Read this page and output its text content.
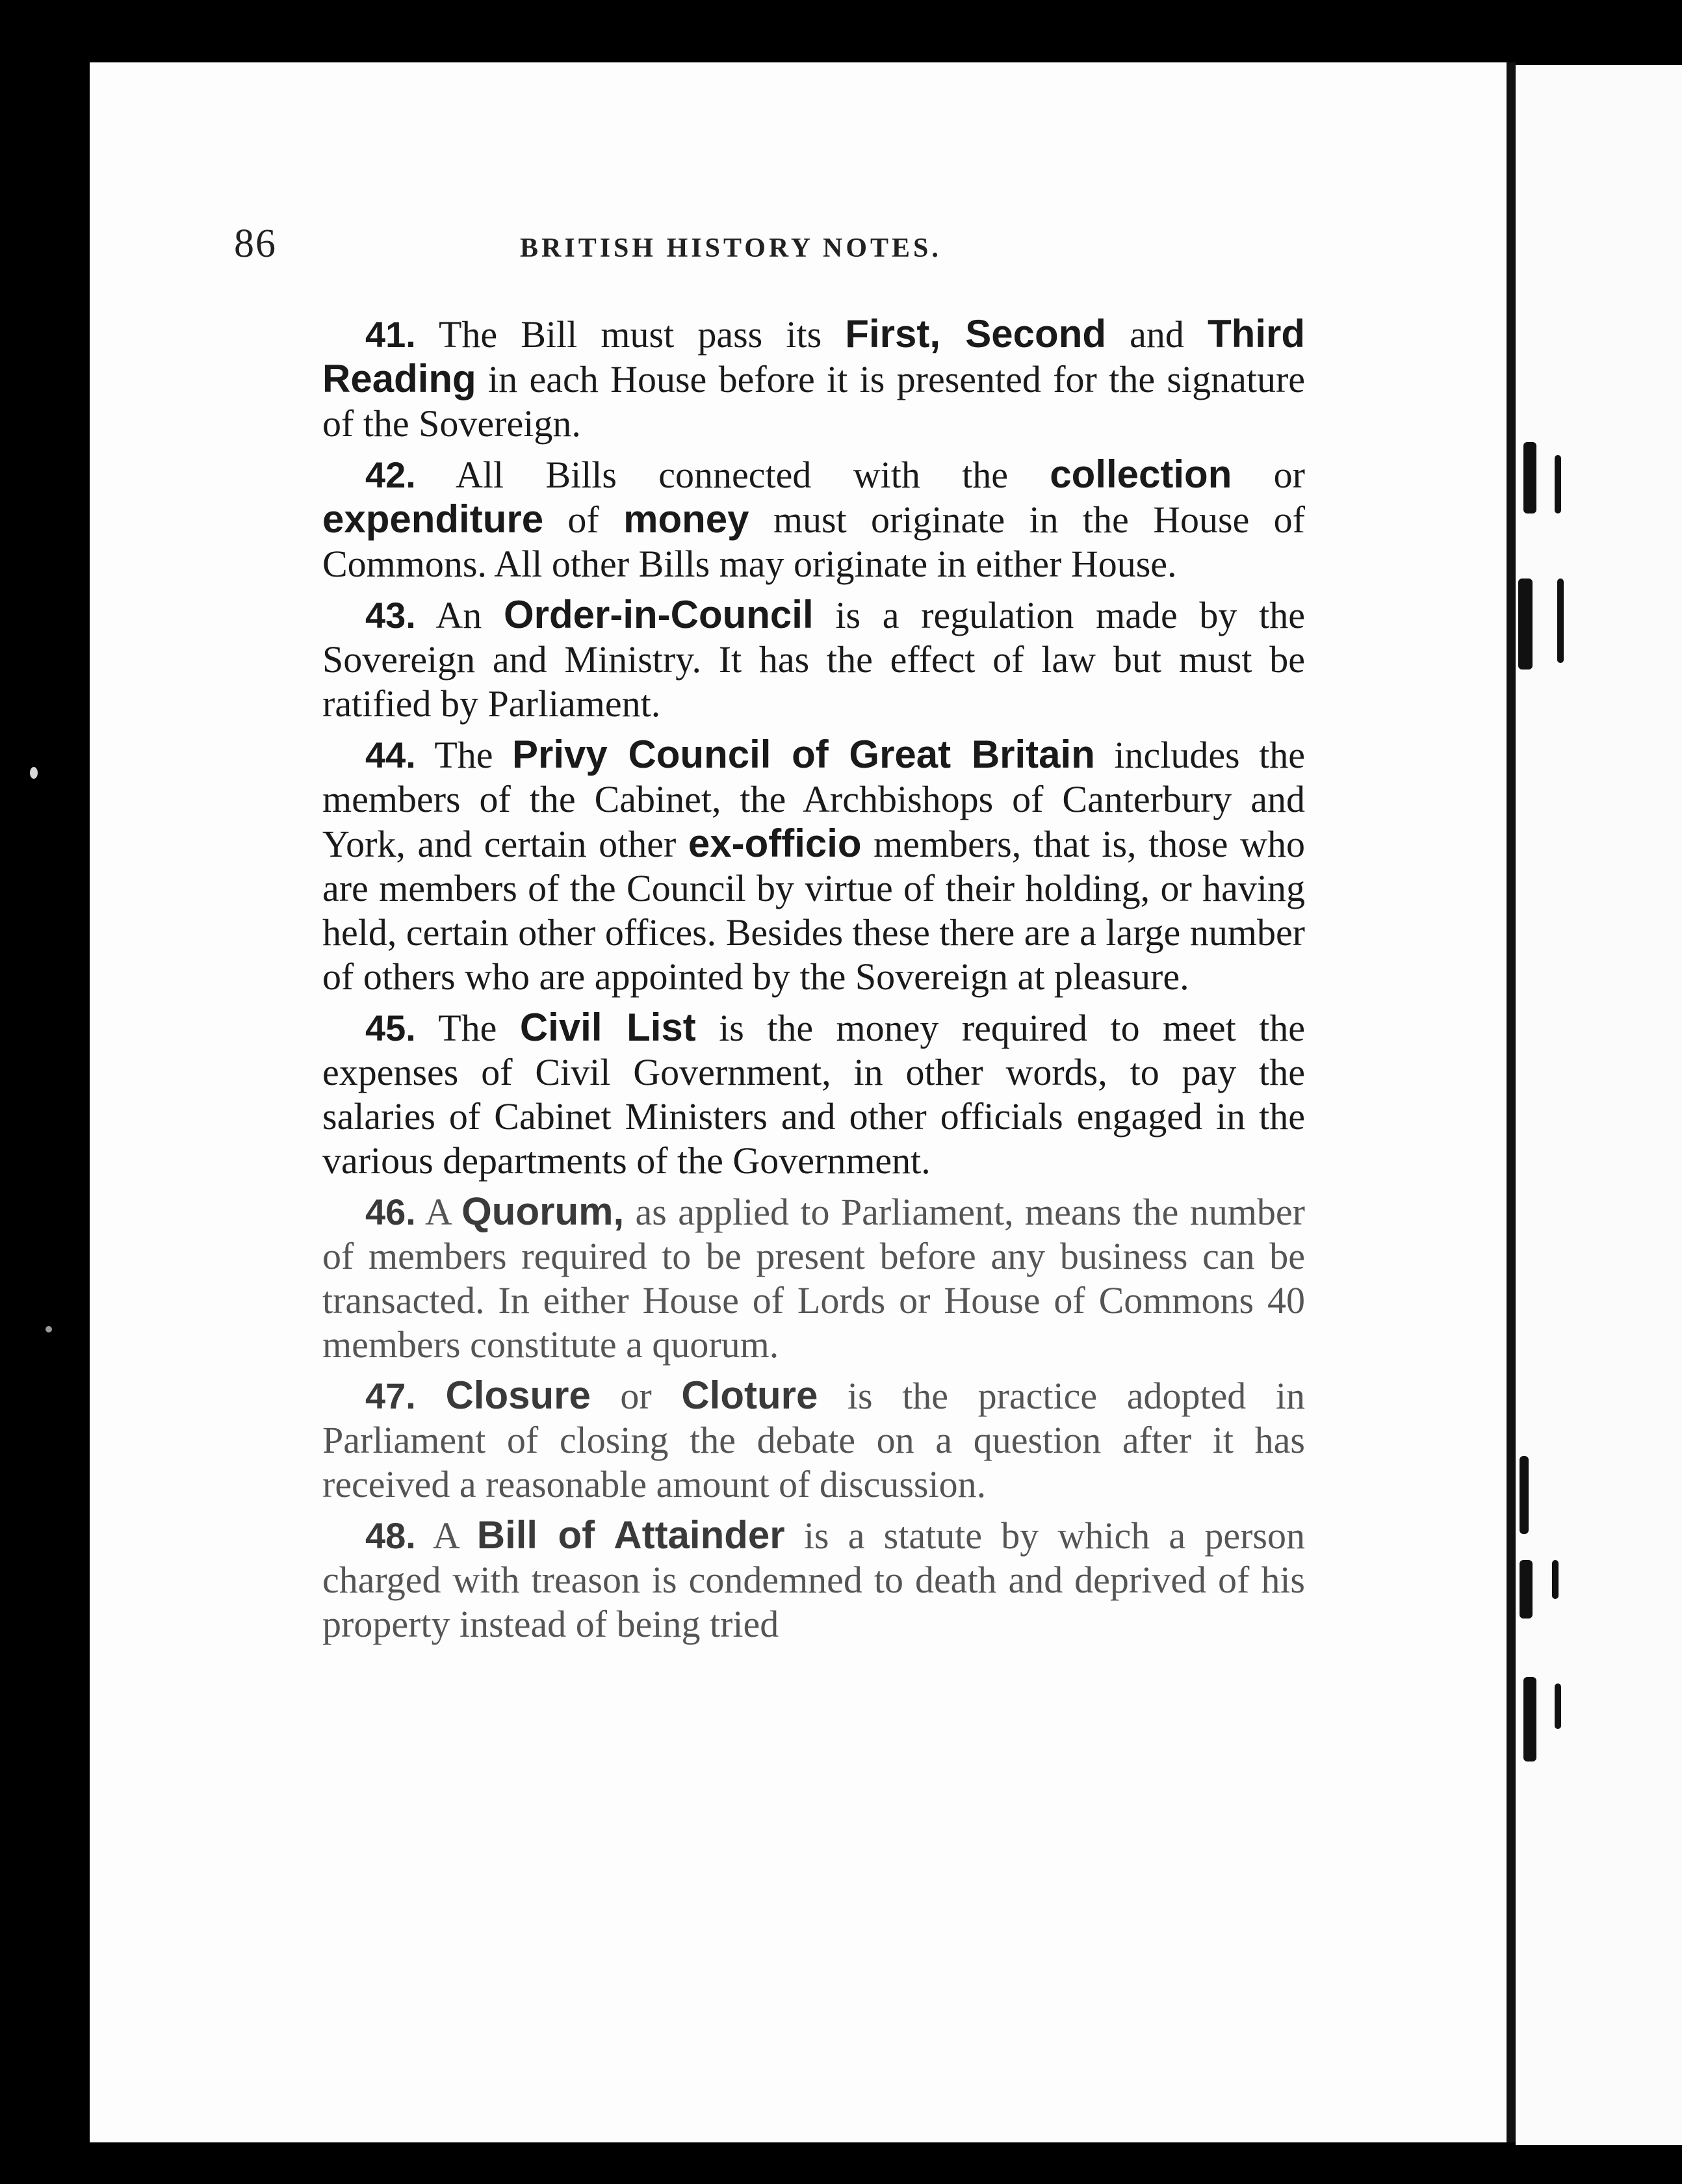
86	BRITISH HISTORY NOTES.

41. The Bill must pass its First, Second and Third Reading in each House before it is presented for the signature of the Sovereign.

42. All Bills connected with the collection or expenditure of money must originate in the House of Commons. All other Bills may originate in either House.

43. An Order-in-Council is a regulation made by the Sovereign and Ministry. It has the effect of law but must be ratified by Parliament.

44. The Privy Council of Great Britain includes the members of the Cabinet, the Archbishops of Canterbury and York, and certain other ex-officio members, that is, those who are members of the Council by virtue of their holding, or having held, certain other offices. Besides these there are a large number of others who are appointed by the Sovereign at pleasure.

45. The Civil List is the money required to meet the expenses of Civil Government, in other words, to pay the salaries of Cabinet Ministers and other officials engaged in the various departments of the Government.

46. A Quorum, as applied to Parliament, means the number of members required to be present before any business can be transacted. In either House of Lords or House of Commons 40 members constitute a quorum.

47. Closure or Cloture is the practice adopted in Parliament of closing the debate on a question after it has received a reasonable amount of discussion.

48. A Bill of Attainder is a statute by which a person charged with treason is condemned to death and deprived of his property instead of being tried
